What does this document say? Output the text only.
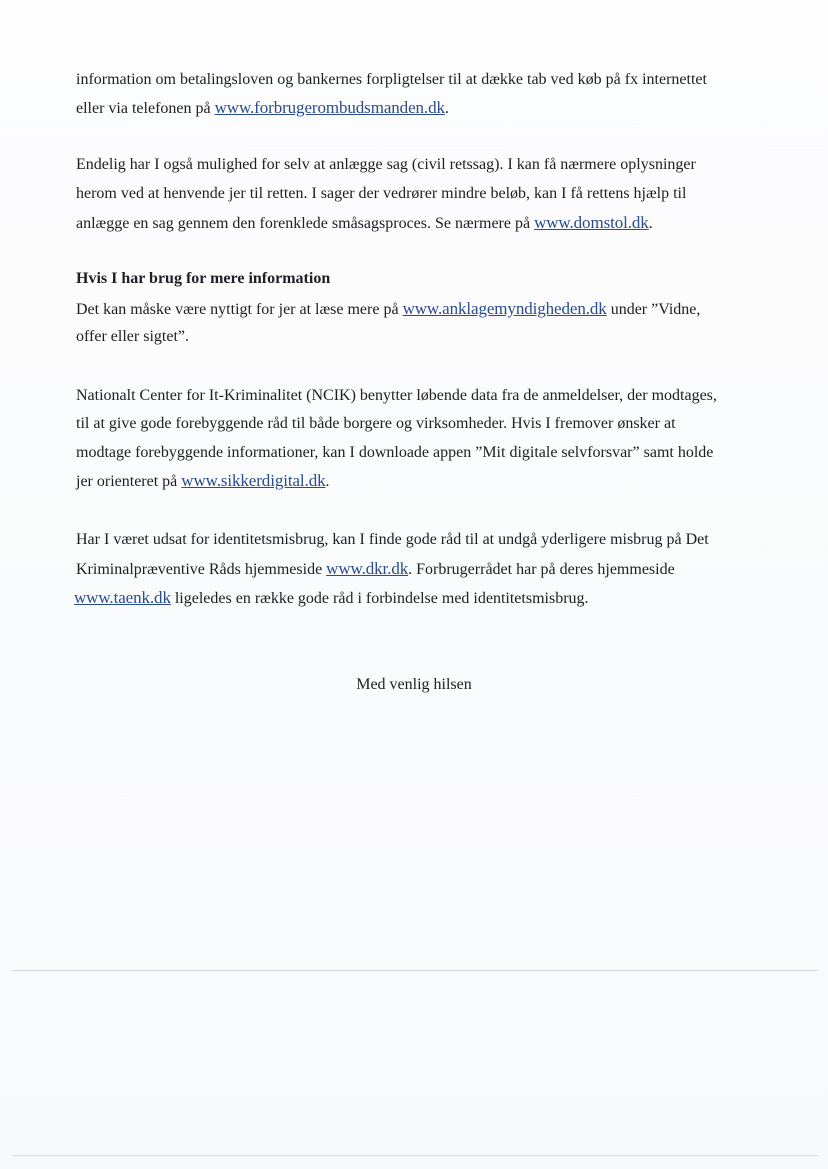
information om betalingsloven og bankernes forpligtelser til at dække tab ved køb på fx internettet
eller via telefonen på www.forbrugerombudsmanden.dk.
Endelig har I også mulighed for selv at anlægge sag (civil retssag). I kan få nærmere oplysninger
herom ved at henvende jer til retten. I sager der vedrører mindre beløb, kan I få rettens hjælp til
anlægge en sag gennem den forenklede småsagsproces. Se nærmere på www.domstol.dk.
Hvis I har brug for mere information
Det kan måske være nyttigt for jer at læse mere på www.anklagemyndigheden.dk under ”Vidne,
offer eller sigtet”.
Nationalt Center for It-Kriminalitet (NCIK) benytter løbende data fra de anmeldelser, der modtages,
til at give gode forebyggende råd til både borgere og virksomheder. Hvis I fremover ønsker at
modtage forebyggende informationer, kan I downloade appen ”Mit digitale selvforsvar” samt holde
jer orienteret på www.sikkerdigital.dk.
Har I været udsat for identitetsmisbrug, kan I finde gode råd til at undgå yderligere misbrug på Det
Kriminalpræventive Råds hjemmeside www.dkr.dk. Forbrugerrådet har på deres hjemmeside
www.taenk.dk ligeledes en række gode råd i forbindelse med identitetsmisbrug.
Med venlig hilsen
